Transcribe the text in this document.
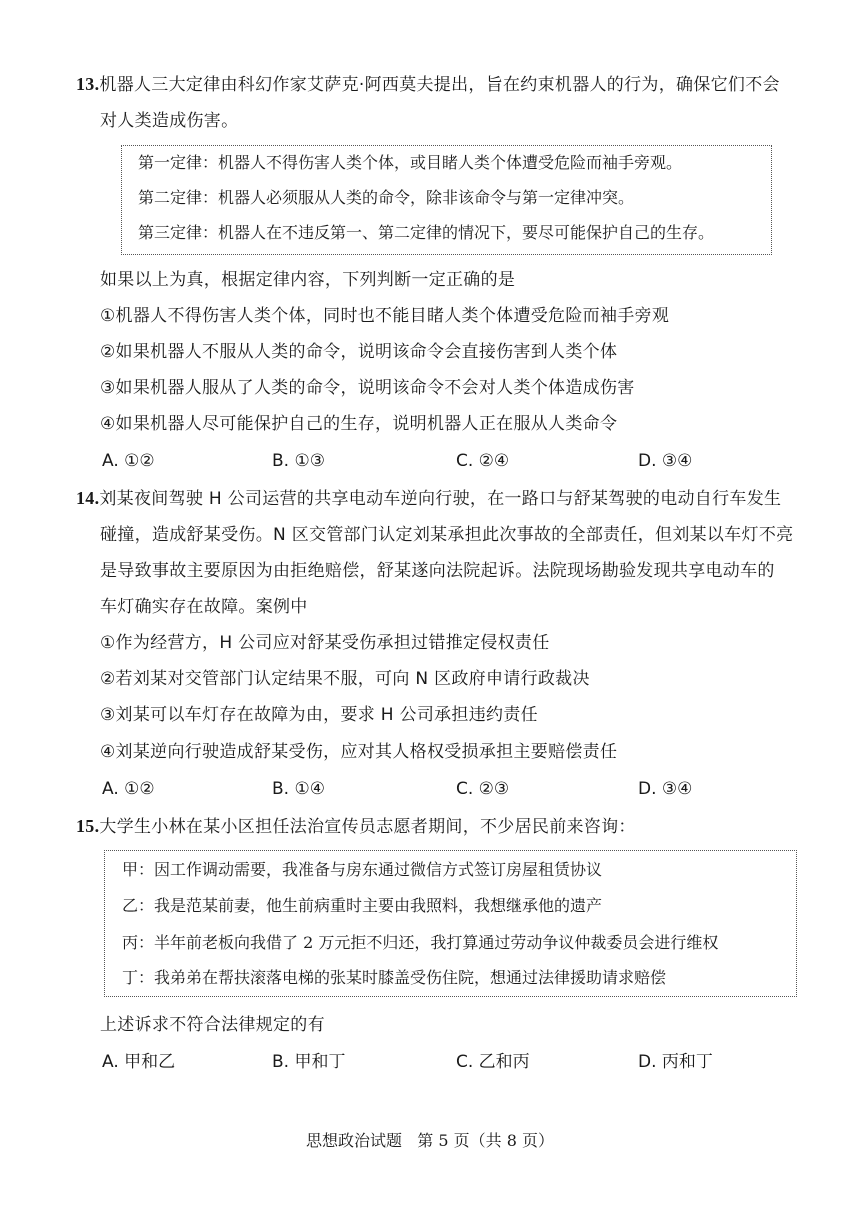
13.机器人三大定律由科幻作家艾萨克·阿西莫夫提出，旨在约束机器人的行为，确保它们不会
对人类造成伤害。
第一定律：机器人不得伤害人类个体，或目睹人类个体遭受危险而袖手旁观。
第二定律：机器人必须服从人类的命令，除非该命令与第一定律冲突。
第三定律：机器人在不违反第一、第二定律的情况下，要尽可能保护自己的生存。
如果以上为真，根据定律内容，下列判断一定正确的是
①机器人不得伤害人类个体，同时也不能目睹人类个体遭受危险而袖手旁观
②如果机器人不服从人类的命令，说明该命令会直接伤害到人类个体
③如果机器人服从了人类的命令，说明该命令不会对人类个体造成伤害
④如果机器人尽可能保护自己的生存，说明机器人正在服从人类命令
A. ①②	B. ①③	C. ②④	D. ③④
14.刘某夜间驾驶 H 公司运营的共享电动车逆向行驶，在一路口与舒某驾驶的电动自行车发生
碰撞，造成舒某受伤。N 区交管部门认定刘某承担此次事故的全部责任，但刘某以车灯不亮
是导致事故主要原因为由拒绝赔偿，舒某遂向法院起诉。法院现场勘验发现共享电动车的
车灯确实存在故障。案例中
①作为经营方，H 公司应对舒某受伤承担过错推定侵权责任
②若刘某对交管部门认定结果不服，可向 N 区政府申请行政裁决
③刘某可以车灯存在故障为由，要求 H 公司承担违约责任
④刘某逆向行驶造成舒某受伤，应对其人格权受损承担主要赔偿责任
A. ①②	B. ①④	C. ②③	D. ③④
15.大学生小林在某小区担任法治宣传员志愿者期间，不少居民前来咨询：
甲：因工作调动需要，我准备与房东通过微信方式签订房屋租赁协议
乙：我是范某前妻，他生前病重时主要由我照料，我想继承他的遗产
丙：半年前老板向我借了 2 万元拒不归还，我打算通过劳动争议仲裁委员会进行维权
丁：我弟弟在帮扶滚落电梯的张某时膝盖受伤住院，想通过法律援助请求赔偿
上述诉求不符合法律规定的有
A. 甲和乙	B. 甲和丁	C. 乙和丙	D. 丙和丁
思想政治试题   第 5 页（共 8 页）
